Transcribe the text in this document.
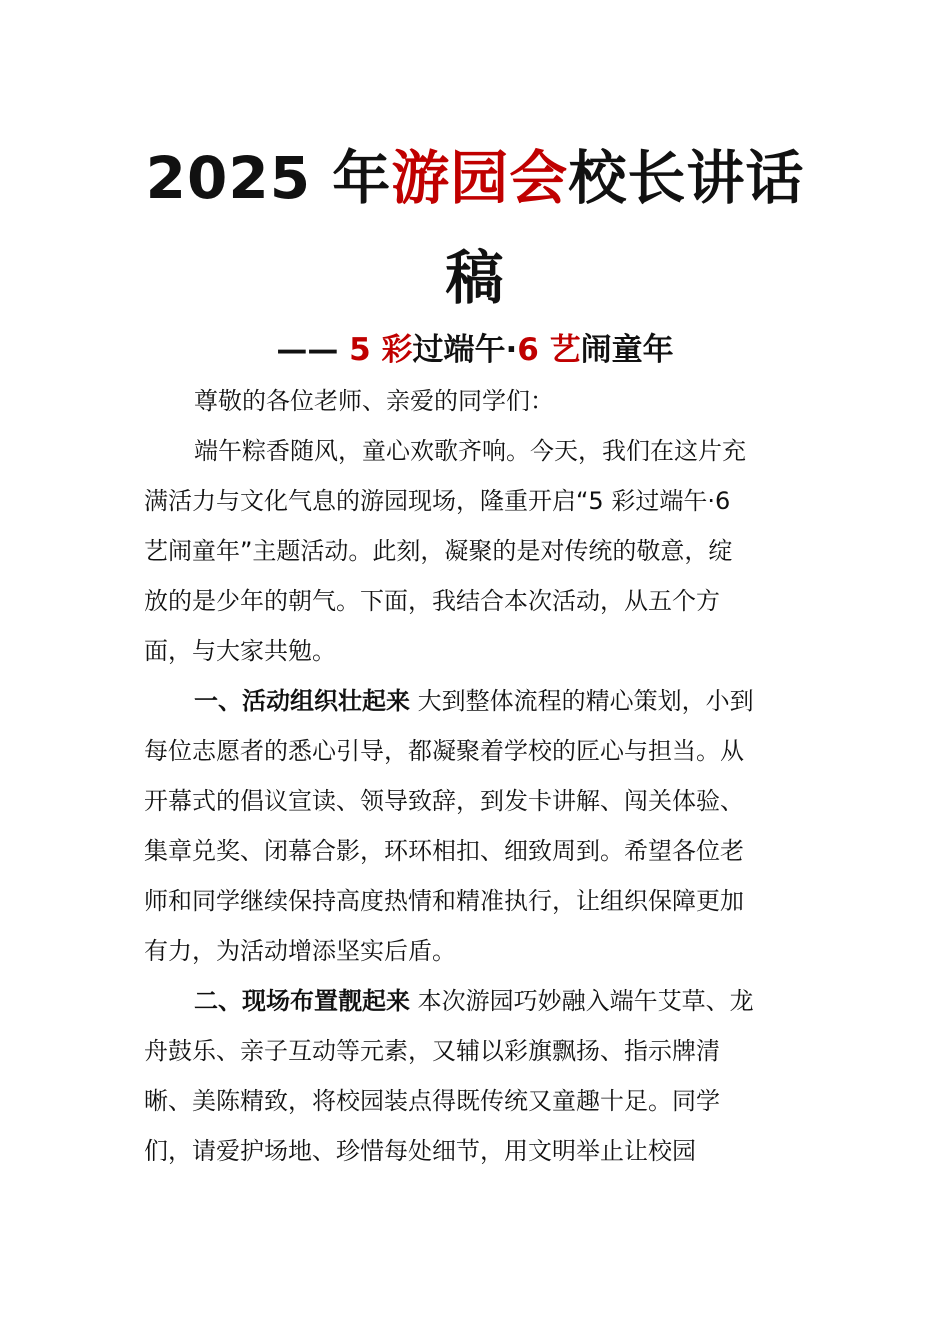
2025 年游园会校长讲话
稿
—— 5 彩过端午·6 艺闹童年
尊敬的各位老师、亲爱的同学们：
端午粽香随风，童心欢歌齐响。今天，我们在这片充
满活力与文化气息的游园现场，隆重开启“5 彩过端午·6
艺闹童年”主题活动。此刻，凝聚的是对传统的敬意，绽
放的是少年的朝气。下面，我结合本次活动，从五个方
面，与大家共勉。
一、活动组织壮起来 大到整体流程的精心策划，小到
每位志愿者的悉心引导，都凝聚着学校的匠心与担当。从
开幕式的倡议宣读、领导致辞，到发卡讲解、闯关体验、
集章兑奖、闭幕合影，环环相扣、细致周到。希望各位老
师和同学继续保持高度热情和精准执行，让组织保障更加
有力，为活动增添坚实后盾。
二、现场布置靓起来 本次游园巧妙融入端午艾草、龙
舟鼓乐、亲子互动等元素，又辅以彩旗飘扬、指示牌清
晰、美陈精致，将校园装点得既传统又童趣十足。同学
们，请爱护场地、珍惜每处细节，用文明举止让校园
